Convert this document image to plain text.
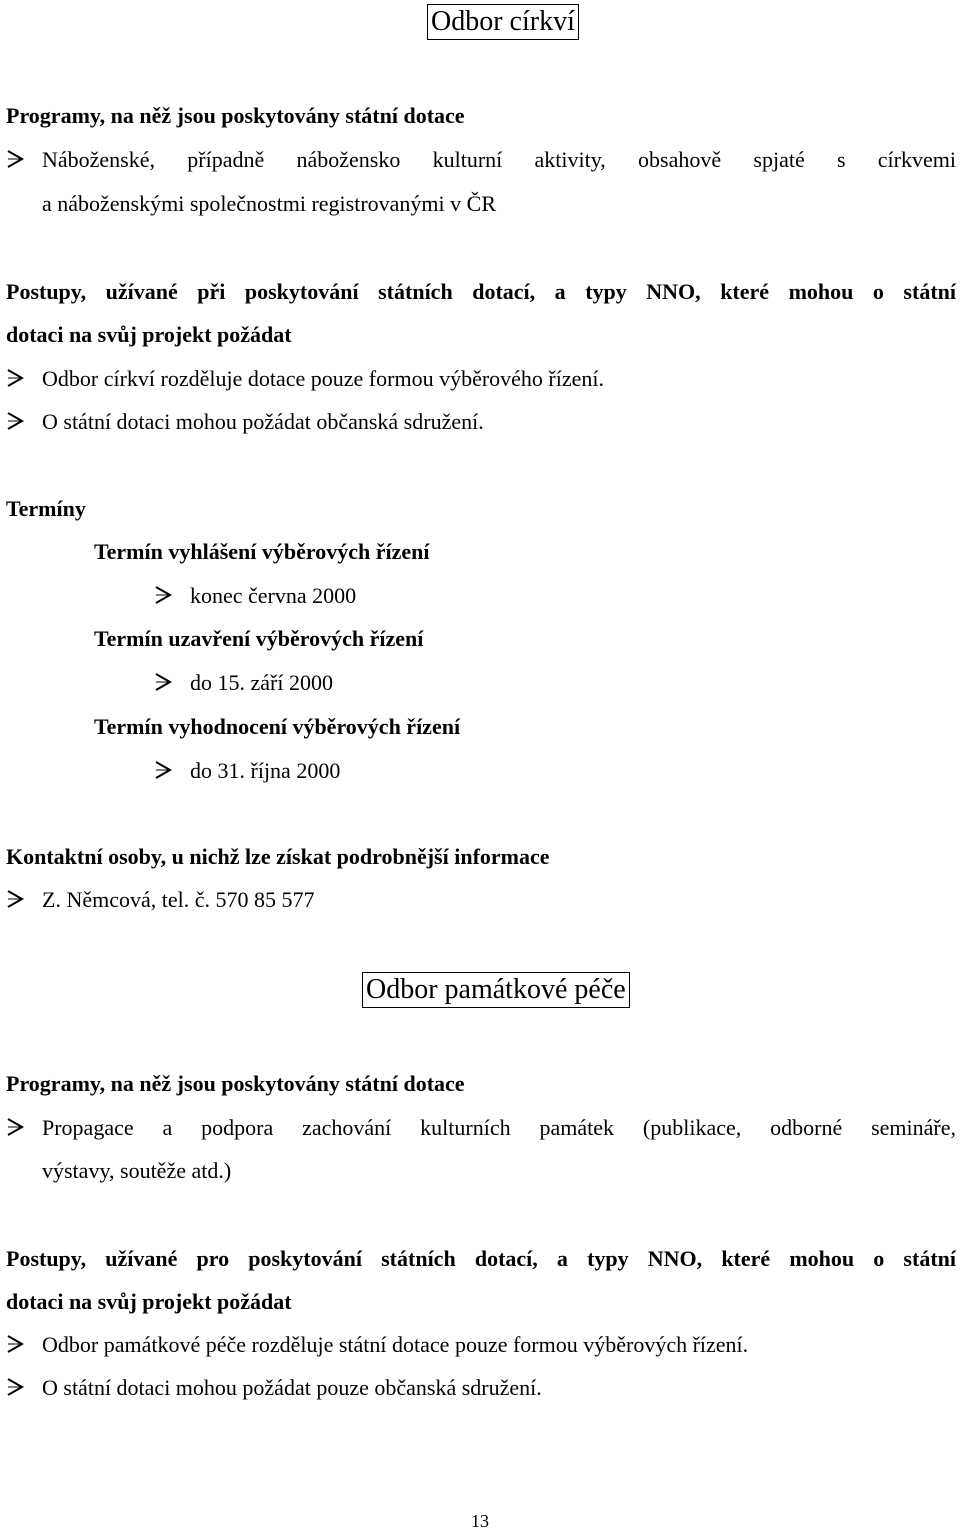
Odbor církví
Programy, na něž jsou poskytovány státní dotace
Náboženské, případně nábožensko kulturní aktivity, obsahově spjaté s církvemi
a náboženskými společnostmi registrovanými v ČR
Postupy, užívané při poskytování státních dotací, a typy NNO, které mohou o státní
dotaci na svůj projekt požádat
Odbor církví rozděluje dotace pouze formou výběrového řízení.
O státní dotaci mohou požádat občanská sdružení.
Termíny
Termín vyhlášení výběrových řízení
konec června 2000
Termín uzavření výběrových řízení
do 15. září 2000
Termín vyhodnocení výběrových řízení
do 31. října 2000
Kontaktní osoby, u nichž lze získat podrobnější informace
Z. Němcová, tel. č. 570 85 577
Odbor památkové péče
Programy, na něž jsou poskytovány státní dotace
Propagace a podpora zachování kulturních památek (publikace, odborné semináře,
výstavy, soutěže atd.)
Postupy, užívané pro poskytování státních dotací, a typy NNO, které mohou o státní
dotaci na svůj projekt požádat
Odbor památkové péče rozděluje státní dotace pouze formou výběrových řízení.
O státní dotaci mohou požádat pouze občanská sdružení.
13
